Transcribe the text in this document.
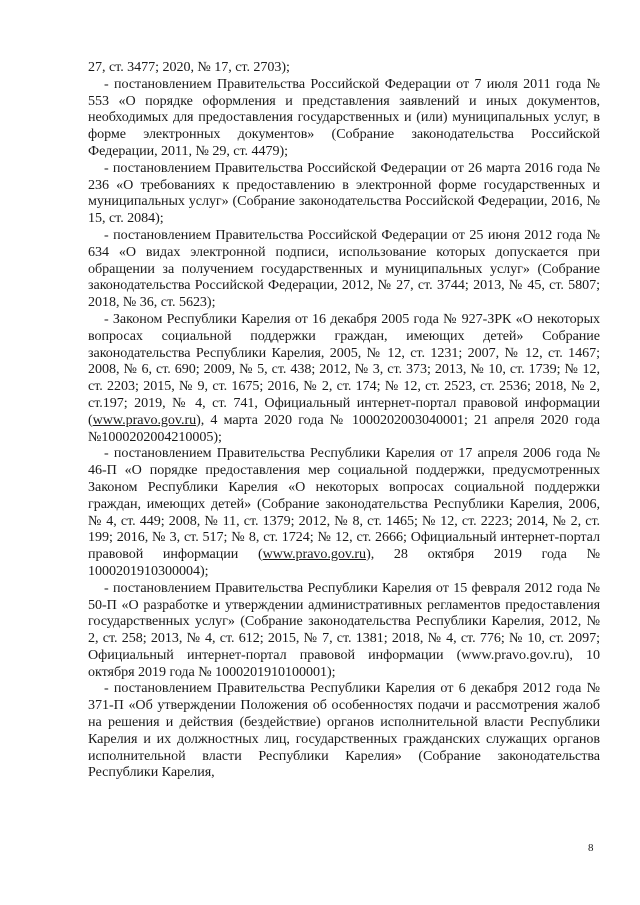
27, ст. 3477; 2020, № 17, ст. 2703);

- постановлением Правительства Российской Федерации от 7 июля 2011 года № 553 «О порядке оформления и представления заявлений и иных документов, необходимых для предоставления государственных и (или) муниципальных услуг, в форме электронных документов» (Собрание законодательства Российской Федерации, 2011, № 29, ст. 4479);

- постановлением Правительства Российской Федерации от 26 марта 2016 года № 236 «О требованиях к предоставлению в электронной форме государственных и муниципальных услуг» (Собрание законодательства Российской Федерации, 2016, № 15, ст. 2084);

- постановлением Правительства Российской Федерации от 25 июня 2012 года № 634 «О видах электронной подписи, использование которых допускается при обращении за получением государственных и муниципальных услуг» (Собрание законодательства Российской Федерации, 2012, № 27, ст. 3744; 2013, № 45, ст. 5807; 2018, № 36, ст. 5623);

- Законом Республики Карелия от 16 декабря 2005 года № 927-ЗРК «О некоторых вопросах социальной поддержки граждан, имеющих детей» Собрание законодательства Республики Карелия, 2005, № 12, ст. 1231; 2007, № 12, ст. 1467; 2008, № 6, ст. 690; 2009, № 5, ст. 438; 2012, № 3, ст. 373; 2013, № 10, ст. 1739; № 12, ст. 2203; 2015, № 9, ст. 1675; 2016, № 2, ст. 174; № 12, ст. 2523, ст. 2536; 2018, № 2, ст.197; 2019, № 4, ст. 741, Официальный интернет-портал правовой информации (www.pravo.gov.ru), 4 марта 2020 года № 1000202003040001; 21 апреля 2020 года №1000202004210005);

- постановлением Правительства Республики Карелия от 17 апреля 2006 года № 46-П «О порядке предоставления мер социальной поддержки, предусмотренных Законом Республики Карелия «О некоторых вопросах социальной поддержки граждан, имеющих детей» (Собрание законодательства Республики Карелия, 2006, № 4, ст. 449; 2008, № 11, ст. 1379; 2012, № 8, ст. 1465; № 12, ст. 2223; 2014, № 2, ст. 199; 2016, № 3, ст. 517; № 8, ст. 1724; № 12, ст. 2666; Официальный интернет-портал правовой информации (www.pravo.gov.ru), 28 октября 2019 года № 1000201910300004);

- постановлением Правительства Республики Карелия от 15 февраля 2012 года № 50-П «О разработке и утверждении административных регламентов предоставления государственных услуг» (Собрание законодательства Республики Карелия, 2012, № 2, ст. 258; 2013, № 4, ст. 612; 2015, № 7, ст. 1381; 2018, № 4, ст. 776; № 10, ст. 2097; Официальный интернет-портал правовой информации (www.pravo.gov.ru), 10 октября 2019 года № 1000201910100001);

- постановлением Правительства Республики Карелия от 6 декабря 2012 года № 371-П «Об утверждении Положения об особенностях подачи и рассмотрения жалоб на решения и действия (бездействие) органов исполнительной власти Республики Карелия и их должностных лиц, государственных гражданских служащих органов исполнительной власти Республики Карелия» (Собрание законодательства Республики Карелия,

8
